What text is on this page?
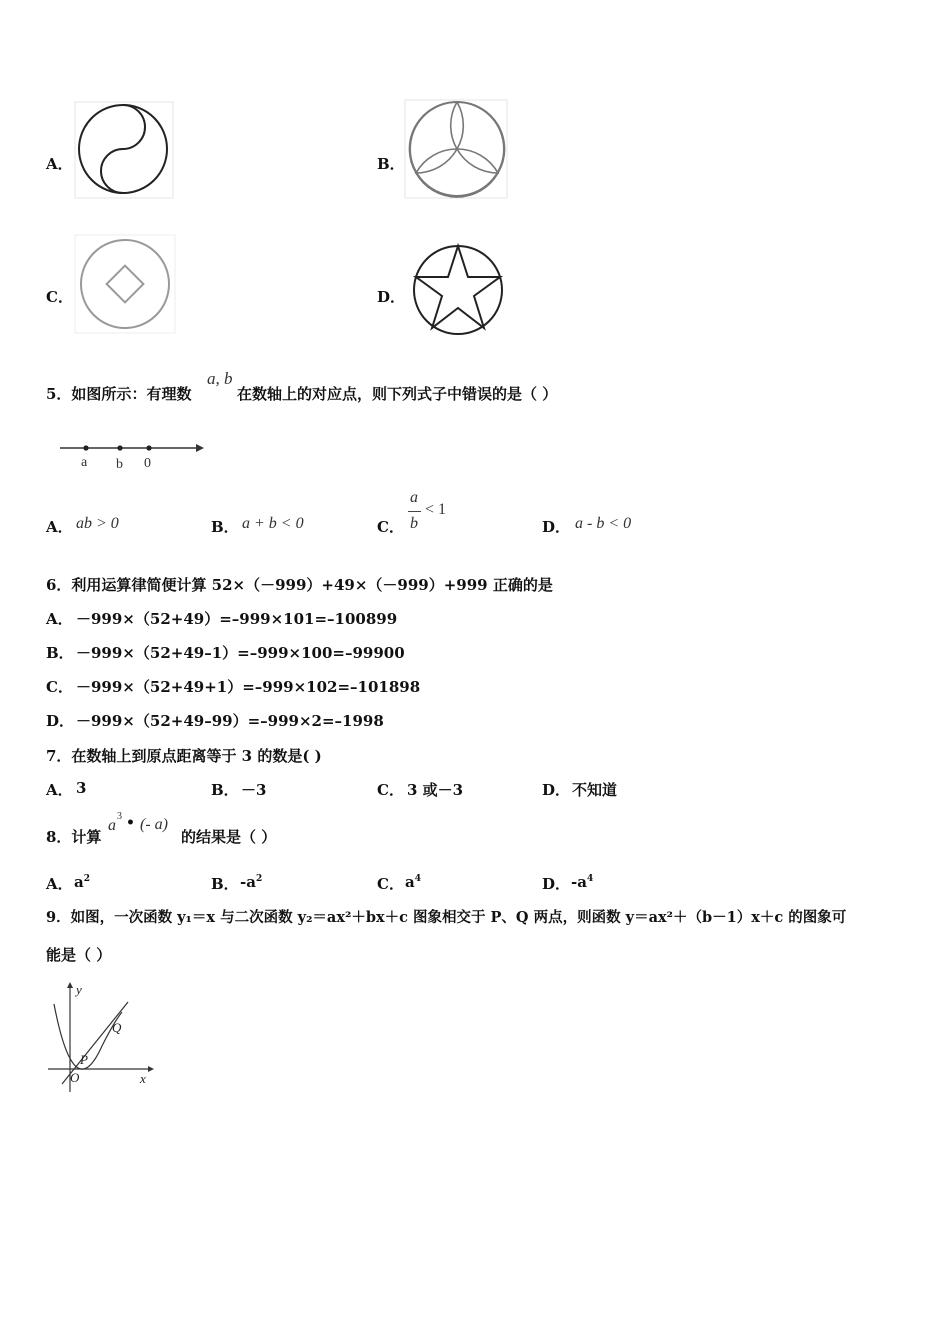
A．	B．
C．	D．
5．如图所示：有理数
a, b
在数轴上的对应点，则下列式子中错误的是（ ）
a b 0
A． ab > 0	B． a + b < 0	C．
a
b
< 1
D． a - b < 0
6．利用运算律简便计算 52×（－999）+49×（－999）+999 正确的是
A． －999×（52+49）=–999×101=–100899
B． －999×（52+49–1）=–999×100=–99900
C． －999×（52+49+1）=–999×102=–101898
D． －999×（52+49–99）=–999×2=–1998
7．在数轴上到原点距离等于 3 的数是( )
A． 3	B． －3	C． 3 或－3	D． 不知道
8．计算
a
3 • (- a)
的结果是（ ）
A． $a^2$	B． $-a^2$	C． $a^4$	D． $-a^4$
9．如图，一次函数 y₁＝x 与二次函数 y₂＝ax²＋bx＋c 图象相交于 P、Q 两点，则函数 y＝ax²＋（b－1）x＋c 的图象可
能是（ ）
y
x
O
P
Q
